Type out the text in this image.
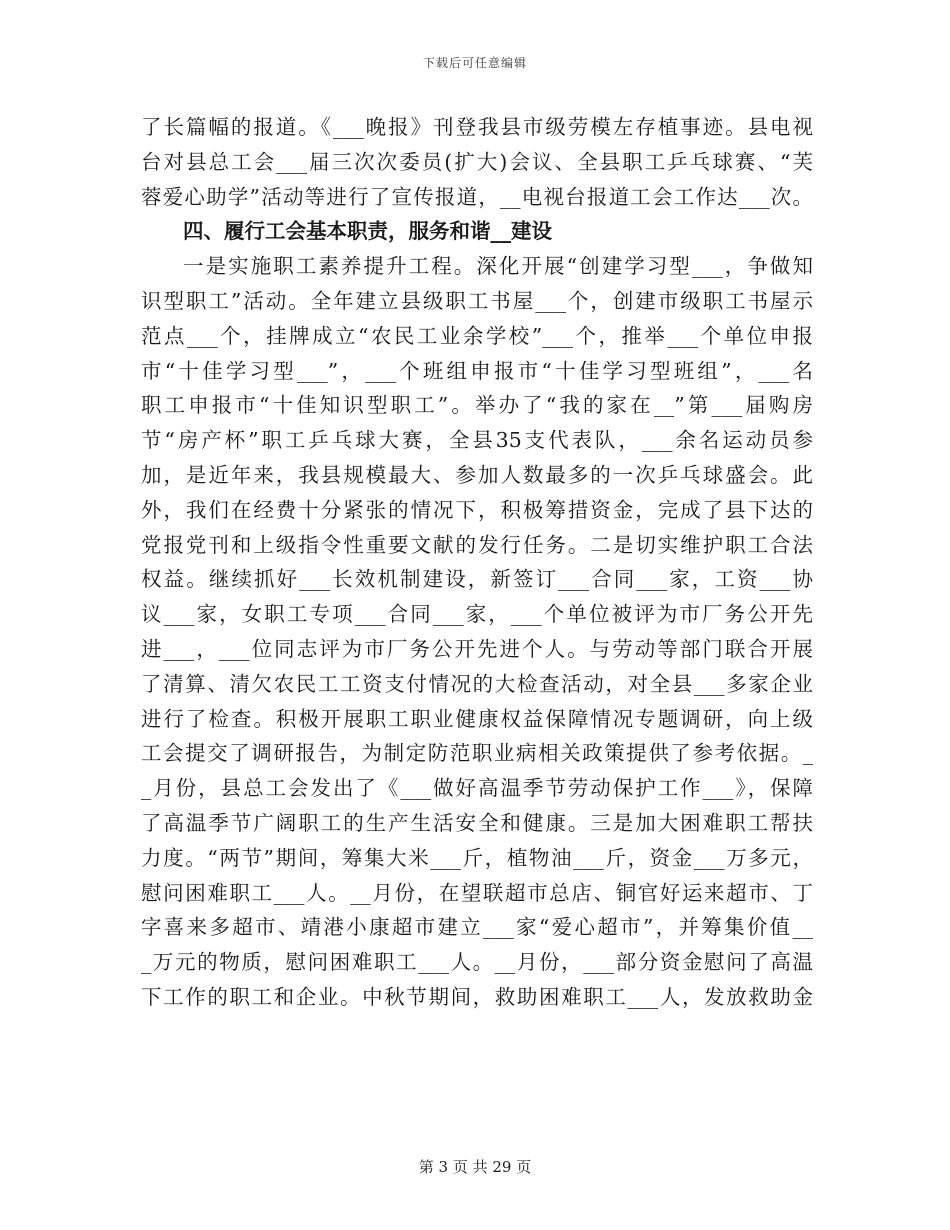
下载后可任意编辑
了长篇幅的报道。《___晚报》刊登我县市级劳模左存植事迹。县电视
台对县总工会___届三次次委员(扩大)会议、全县职工乒乓球赛、“芙
蓉爱心助学”活动等进行了宣传报道，__电视台报道工会工作达___次。
四、履行工会基本职责，服务和谐__建设
一是实施职工素养提升工程。深化开展“创建学习型___，争做知
识型职工”活动。全年建立县级职工书屋___个，创建市级职工书屋示
范点___个，挂牌成立“农民工业余学校”___个，推举___个单位申报
市“十佳学习型___”，___个班组申报市“十佳学习型班组”，___名
职工申报市“十佳知识型职工”。举办了“我的家在__”第___届购房
节“房产杯”职工乒乓球大赛，全县35支代表队，___余名运动员参
加，是近年来，我县规模最大、参加人数最多的一次乒乓球盛会。此
外，我们在经费十分紧张的情况下，积极筹措资金，完成了县下达的
党报党刊和上级指令性重要文献的发行任务。二是切实维护职工合法
权益。继续抓好___长效机制建设，新签订___合同___家，工资___协
议___家，女职工专项___合同___家，___个单位被评为市厂务公开先
进___，___位同志评为市厂务公开先进个人。与劳动等部门联合开展
了清算、清欠农民工工资支付情况的大检查活动，对全县___多家企业
进行了检查。积极开展职工职业健康权益保障情况专题调研，向上级
工会提交了调研报告，为制定防范职业病相关政策提供了参考依据。_
_月份，县总工会发出了《___做好高温季节劳动保护工作___》，保障
了高温季节广阔职工的生产生活安全和健康。三是加大困难职工帮扶
力度。“两节”期间，筹集大米___斤，植物油___斤，资金___万多元，
慰问困难职工___人。__月份，在望联超市总店、铜官好运来超市、丁
字喜来多超市、靖港小康超市建立___家“爱心超市”，并筹集价值__
_万元的物质，慰问困难职工___人。__月份，___部分资金慰问了高温
下工作的职工和企业。中秋节期间，救助困难职工___人，发放救助金
第 3 页 共 29 页
